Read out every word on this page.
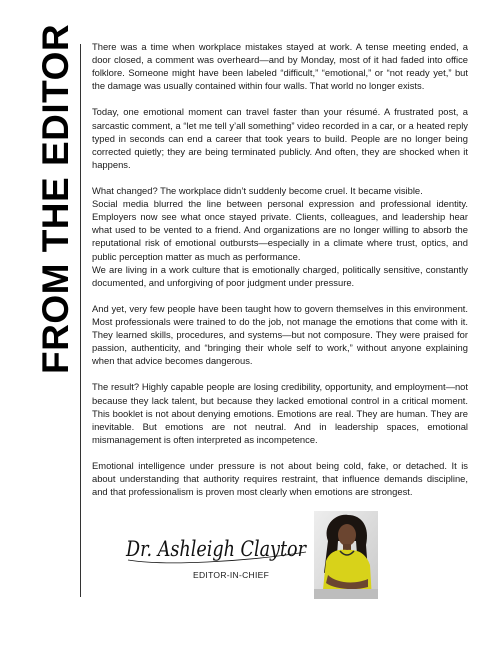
FROM THE EDITOR There was a time when workplace mistakes stayed at work. A tense meeting ended, a door closed, a comment was overheard—and by Monday, most of it had faded into office folklore. Someone might have been labeled “difficult,” “emotional,” or “not ready yet,” but the damage was usually contained within four walls. That world no longer exists.

Today, one emotional moment can travel faster than your résumé. A frustrated post, a sarcastic comment, a “let me tell y’all something” video recorded in a car, or a heated reply typed in seconds can end a career that took years to build. People are no longer being corrected quietly; they are being terminated publicly. And often, they are shocked when it happens.

What changed? The workplace didn’t suddenly become cruel. It became visible.

Social media blurred the line between personal expression and professional identity. Employers now see what once stayed private. Clients, colleagues, and leadership hear what used to be vented to a friend. And organizations are no longer willing to absorb the reputational risk of emotional outbursts—especially in a climate where trust, optics, and public perception matter as much as performance.

We are living in a work culture that is emotionally charged, politically sensitive, constantly documented, and unforgiving of poor judgment under pressure.

And yet, very few people have been taught how to govern themselves in this environment. Most professionals were trained to do the job, not manage the emotions that come with it. They learned skills, procedures, and systems—but not composure. They were praised for passion, authenticity, and “bringing their whole self to work,” without anyone explaining when that advice becomes dangerous.

The result? Highly capable people are losing credibility, opportunity, and employment—not because they lack talent, but because they lacked emotional control in a critical moment. This booklet is not about denying emotions. Emotions are real. They are human. They are inevitable. But emotions are not neutral. And in leadership spaces, emotional mismanagement is often interpreted as incompetence.

Emotional intelligence under pressure is not about being cold, fake, or detached. It is about understanding that authority requires restraint, that influence demands discipline, and that professionalism is proven most clearly when emotions are strongest.

Dr. Ashleigh Claytor
EDITOR-IN-CHIEF
